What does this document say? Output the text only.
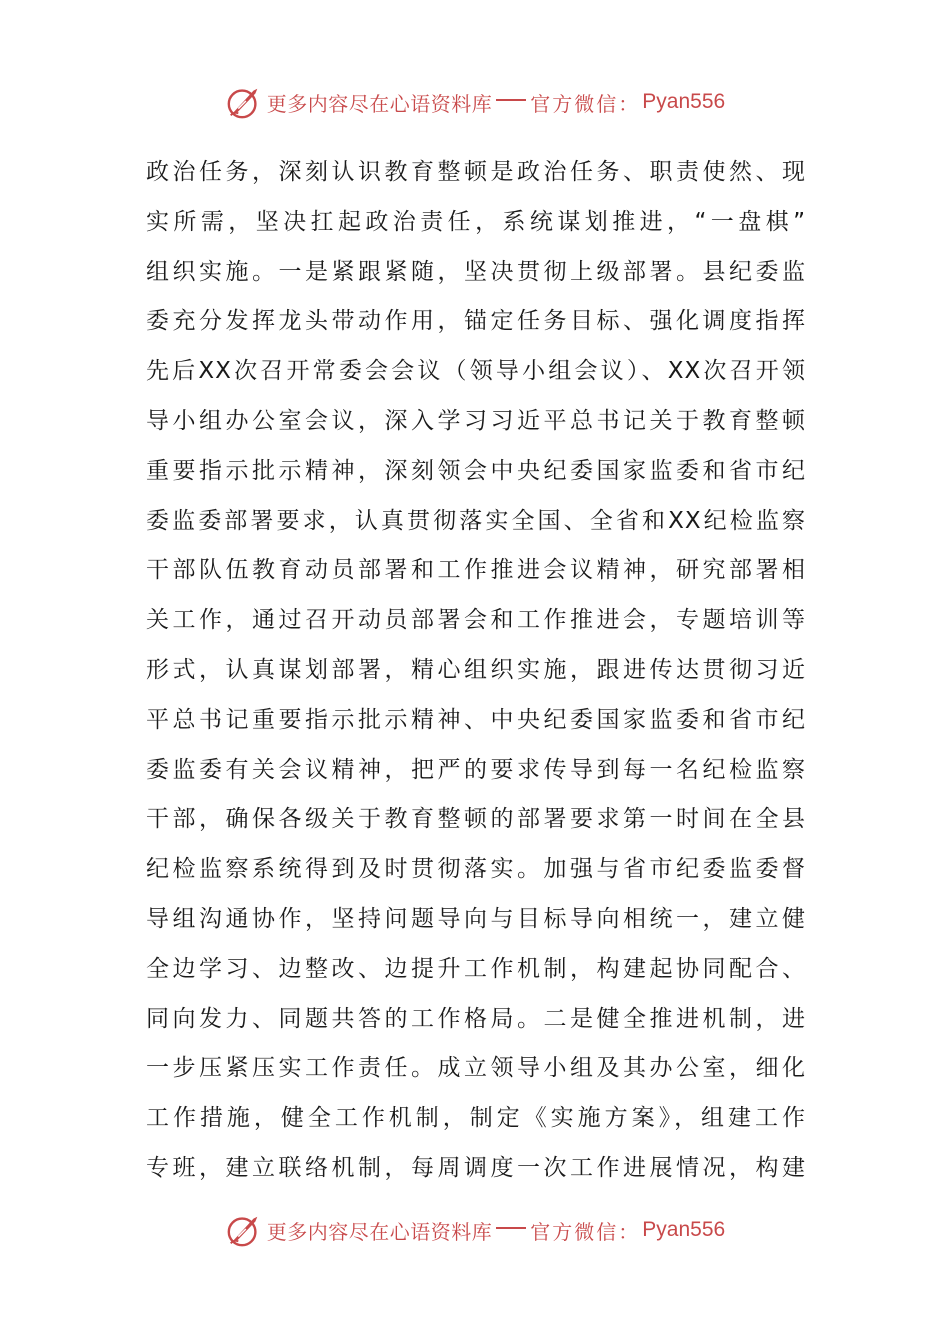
更多内容尽在心语资料库 官方微信： Pyan556
政治任务，深刻认识教育整顿是政治任务、职责使然、现
实所需，坚决扛起政治责任，系统谋划推进，“一盘棋”
组织实施。一是紧跟紧随，坚决贯彻上级部署。县纪委监
委充分发挥龙头带动作用，锚定任务目标、强化调度指挥
先后XX次召开常委会会议（领导小组会议）、XX次召开领
导小组办公室会议，深入学习习近平总书记关于教育整顿
重要指示批示精神，深刻领会中央纪委国家监委和省市纪
委监委部署要求，认真贯彻落实全国、全省和XX纪检监察
干部队伍教育动员部署和工作推进会议精神，研究部署相
关工作，通过召开动员部署会和工作推进会，专题培训等
形式，认真谋划部署，精心组织实施，跟进传达贯彻习近
平总书记重要指示批示精神、中央纪委国家监委和省市纪
委监委有关会议精神，把严的要求传导到每一名纪检监察
干部，确保各级关于教育整顿的部署要求第一时间在全县
纪检监察系统得到及时贯彻落实。加强与省市纪委监委督
导组沟通协作，坚持问题导向与目标导向相统一，建立健
全边学习、边整改、边提升工作机制，构建起协同配合、
同向发力、同题共答的工作格局。二是健全推进机制，进
一步压紧压实工作责任。成立领导小组及其办公室，细化
工作措施，健全工作机制，制定《实施方案》，组建工作
专班，建立联络机制，每周调度一次工作进展情况，构建
更多内容尽在心语资料库 官方微信： Pyan556
